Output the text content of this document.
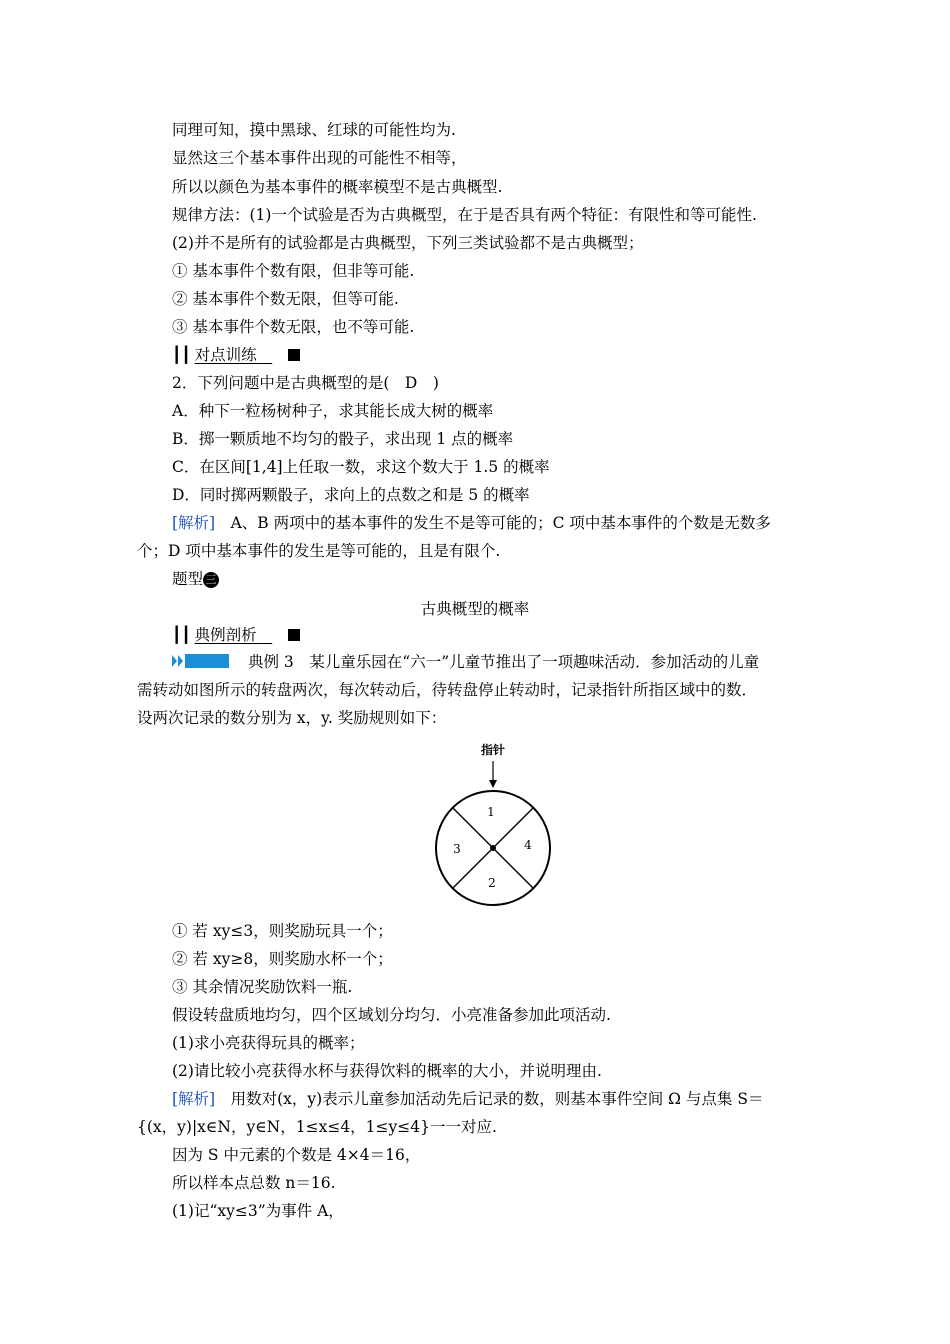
同理可知，摸中黑球、红球的可能性均为.
显然这三个基本事件出现的可能性不相等，
所以以颜色为基本事件的概率模型不是古典概型.
规律方法：(1)一个试验是否为古典概型，在于是否具有两个特征：有限性和等可能性.
(2)并不是所有的试验都是古典概型，下列三类试验都不是古典概型；
① 基本事件个数有限，但非等可能.
② 基本事件个数无限，但等可能.
③ 基本事件个数无限，也不等可能.
┃┃ 对点训练　
2．下列问题中是古典概型的是(　D　)
A．种下一粒杨树种子，求其能长成大树的概率
B．掷一颗质地不均匀的骰子，求出现 1 点的概率
C．在区间[1,4]上任取一数，求这个数大于 1.5 的概率
D．同时掷两颗骰子，求向上的点数之和是 5 的概率
[解析]　A、B 两项中的基本事件的发生不是等可能的；C 项中基本事件的个数是无数多
个；D 项中基本事件的发生是等可能的，且是有限个.
题型 三
古典概型的概率
┃┃ 典例剖析　
典例 3　某儿童乐园在“六一”儿童节推出了一项趣味活动．参加活动的儿童
需转动如图所示的转盘两次，每次转动后，待转盘停止转动时，记录指针所指区域中的数．
设两次记录的数分别为 x，y. 奖励规则如下：
指针
1
4
2
3
① 若 xy≤3，则奖励玩具一个；
② 若 xy≥8，则奖励水杯一个；
③ 其余情况奖励饮料一瓶.
假设转盘质地均匀，四个区域划分均匀．小亮准备参加此项活动.
(1)求小亮获得玩具的概率；
(2)请比较小亮获得水杯与获得饮料的概率的大小，并说明理由.
[解析]　用数对(x，y)表示儿童参加活动先后记录的数，则基本事件空间 Ω 与点集 S＝
{(x，y)|x∈N，y∈N，1≤x≤4，1≤y≤4}一一对应.
因为 S 中元素的个数是 4×4＝16，
所以样本点总数 n＝16.
(1)记“xy≤3”为事件 A，
